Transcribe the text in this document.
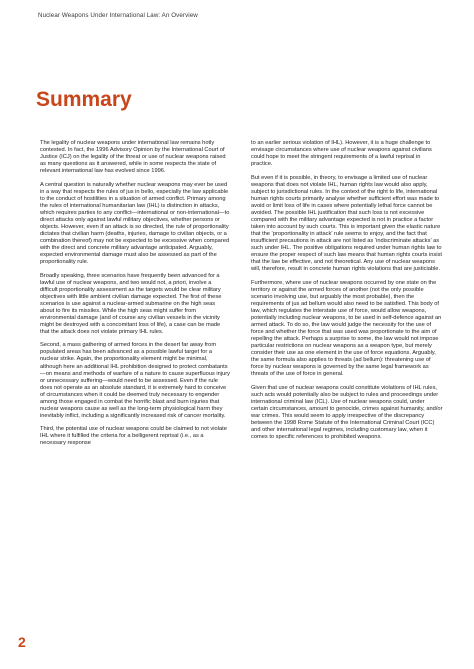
Nuclear Weapons Under International Law: An Overview
Summary

The legality of nuclear weapons under international law remains hotly contested. In fact, the 1996 Advisory Opinion by the International Court of Justice (ICJ) on the legality of the threat or use of nuclear weapons raised as many questions as it answered, while in some respects the state of relevant international law has evolved since 1996.

A central question is naturally whether nuclear weapons may ever be used in a way that respects the rules of jus in bello, especially the law applicable to the conduct of hostilities in a situation of armed conflict. Primary among the rules of international humanitarian law (IHL) is distinction in attacks, which requires parties to any conflict—international or non-international—to direct attacks only against lawful military objectives, whether persons or objects. However, even if an attack is so directed, the rule of proportionality dictates that civilian harm (deaths, injuries, damage to civilian objects, or a combination thereof) may not be expected to be excessive when compared with the direct and concrete military advantage anticipated. Arguably, expected environmental damage must also be assessed as part of the proportionality rule.

Broadly speaking, three scenarios have frequently been advanced for a lawful use of nuclear weapons, and two would not, a priori, involve a difficult proportionality assessment as the targets would be clear military objectives with little ambient civilian damage expected. The first of these scenarios is use against a nuclear-armed submarine on the high seas about to fire its missiles. While the high seas might suffer from environmental damage (and of course any civilian vessels in the vicinity might be destroyed with a concomitant loss of life), a case can be made that the attack does not violate primary IHL rules.

Second, a mass gathering of armed forces in the desert far away from populated areas has been advanced as a possible lawful target for a nuclear strike. Again, the proportionality element might be minimal, although here an additional IHL prohibition designed to protect combatants—on means and methods of warfare of a nature to cause superfluous injury or unnecessary suffering—would need to be assessed. Even if the rule does not operate as an absolute standard, it is extremely hard to conceive of circumstances when it could be deemed truly necessary to engender among those engaged in combat the horrific blast and burn injuries that nuclear weapons cause as well as the long-term physiological harm they inevitably inflict, including a significantly increased risk of cancer mortality.

Third, the potential use of nuclear weapons could be claimed to not violate IHL where it fulfilled the criteria for a belligerent reprisal (i.e., as a necessary response

to an earlier serious violation of IHL). However, it is a huge challenge to envisage circumstances where use of nuclear weapons against civilians could hope to meet the stringent requirements of a lawful reprisal in practice.

But even if it is possible, in theory, to envisage a limited use of nuclear weapons that does not violate IHL, human rights law would also apply, subject to jurisdictional rules. In the context of the right to life, international human rights courts primarily analyse whether sufficient effort was made to avoid or limit loss of life in cases where potentially lethal force cannot be avoided. The possible IHL justification that such loss is not excessive compared with the military advantage expected is not in practice a factor taken into account by such courts. This is important given the elastic nature that the ‘proportionality in attack’ rule seems to enjoy, and the fact that insufficient precautions in attack are not listed as ‘indiscriminate attacks’ as such under IHL. The positive obligations required under human rights law to ensure the proper respect of such law means that human rights courts insist that the law be effective, and not theoretical. Any use of nuclear weapons will, therefore, result in concrete human rights violations that are justiciable.

Furthermore, where use of nuclear weapons occurred by one state on the territory or against the armed forces of another (not the only possible scenario involving use, but arguably the most probable), then the requirements of jus ad bellum would also need to be satisfied. This body of law, which regulates the interstate use of force, would allow weapons, potentially including nuclear weapons, to be used in self-defence against an armed attack. To do so, the law would judge the necessity for the use of force and whether the force that was used was proportionate to the aim of repelling the attack. Perhaps a surprise to some, the law would not impose particular restrictions on nuclear weapons as a weapon type, but merely consider their use as one element in the use of force equations. Arguably, the same formula also applies to threats (ad bellum): threatening use of force by nuclear weapons is governed by the same legal framework as threats of the use of force in general.

Given that use of nuclear weapons could constitute violations of IHL rules, such acts would potentially also be subject to rules and proceedings under international criminal law (ICL). Use of nuclear weapons could, under certain circumstances, amount to genocide, crimes against humanity, and/or war crimes. This would seem to apply irrespective of the discrepancy between the 1998 Rome Statute of the International Criminal Court (ICC) and other international legal regimes, including customary law, when it comes to specific references to prohibited weapons.

2
